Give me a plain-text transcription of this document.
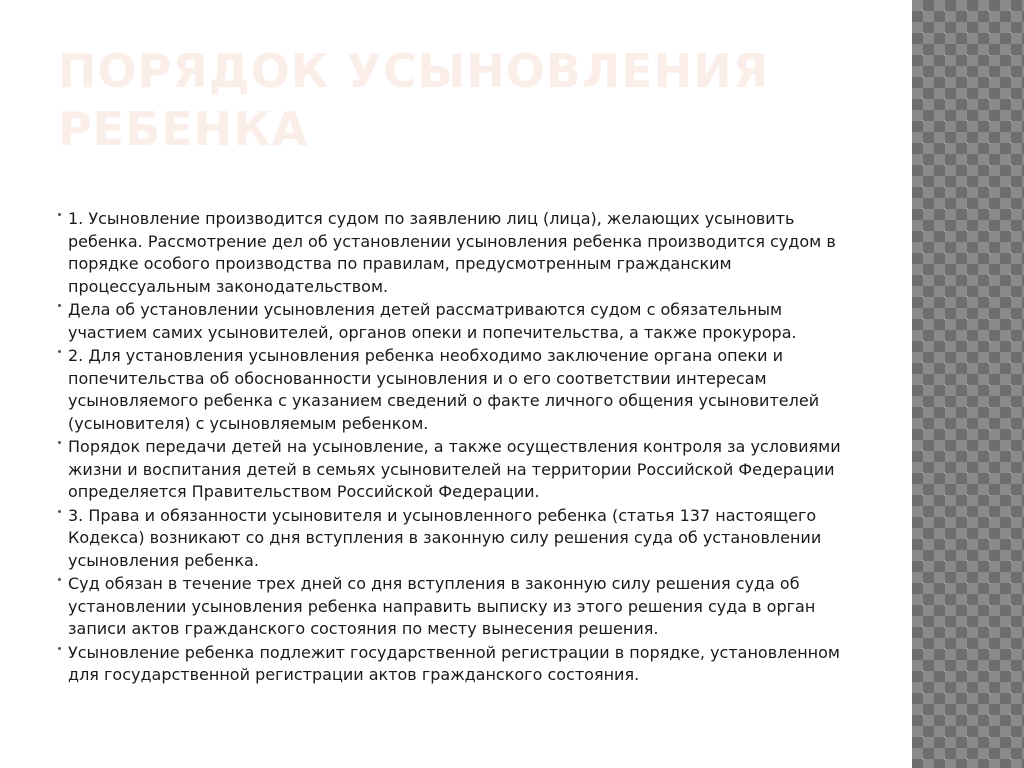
ПОРЯДОК УСЫНОВЛЕНИЯ
РЕБЕНКА
1. Усыновление производится судом по заявлению лиц (лица), желающих усыновить ребенка. Рассмотрение дел об установлении усыновления ребенка производится судом в порядке особого производства по правилам, предусмотренным гражданским процессуальным законодательством.
Дела об установлении усыновления детей рассматриваются судом с обязательным участием самих усыновителей, органов опеки и попечительства, а также прокурора.
2. Для установления усыновления ребенка необходимо заключение органа опеки и попечительства об обоснованности усыновления и о его соответствии интересам усыновляемого ребенка с указанием сведений о факте личного общения усыновителей (усыновителя) с усыновляемым ребенком.
Порядок передачи детей на усыновление, а также осуществления контроля за условиями жизни и воспитания детей в семьях усыновителей на территории Российской Федерации определяется Правительством Российской Федерации.
3. Права и обязанности усыновителя и усыновленного ребенка (статья 137 настоящего Кодекса) возникают со дня вступления в законную силу решения суда об установлении усыновления ребенка.
Суд обязан в течение трех дней со дня вступления в законную силу решения суда об установлении усыновления ребенка направить выписку из этого решения суда в орган записи актов гражданского состояния по месту вынесения решения.
Усыновление ребенка подлежит государственной регистрации в порядке, установленном для государственной регистрации актов гражданского состояния.
